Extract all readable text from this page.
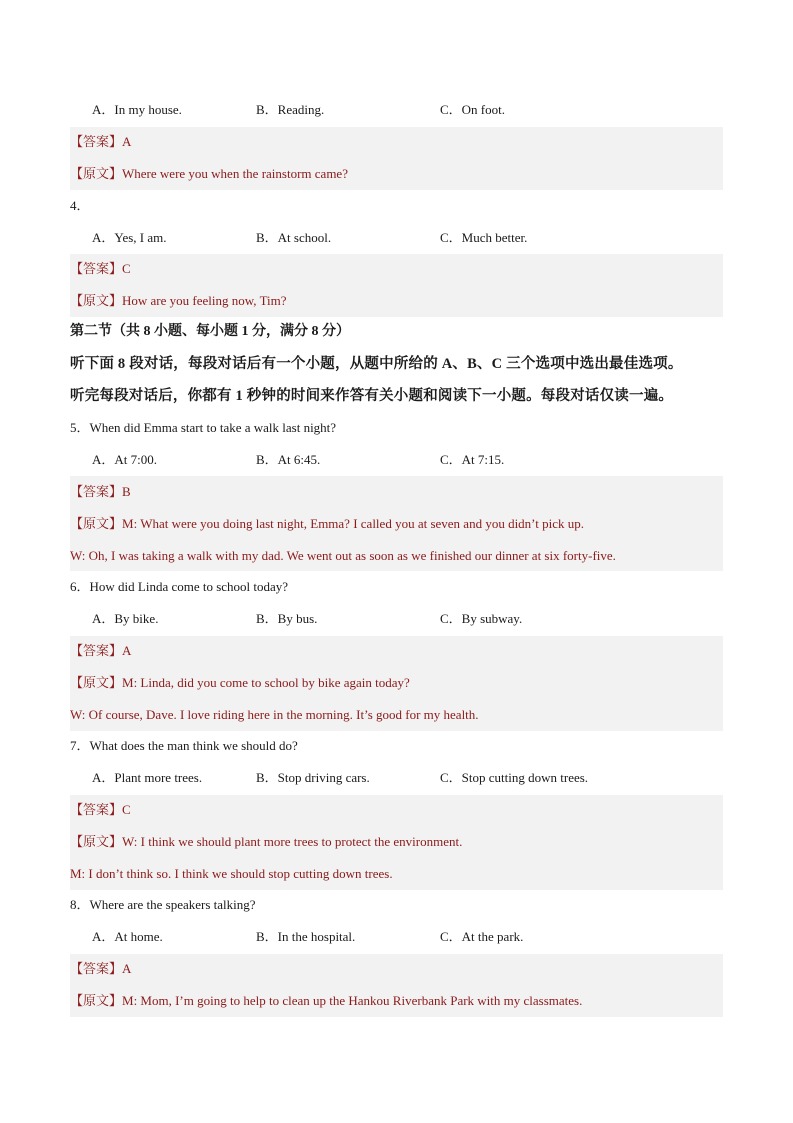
A．In my house.	B．Reading.	C．On foot.
【答案】A
【原文】Where were you when the rainstorm came?
4．
A．Yes, I am.	B．At school.	C．Much better.
【答案】C
【原文】How are you feeling now, Tim?
第二节（共 8 小题、每小题 1 分，满分 8 分）
听下面 8 段对话，每段对话后有一个小题，从题中所给的 A、B、C 三个选项中选出最佳选项。
听完每段对话后，你都有 1 秒钟的时间来作答有关小题和阅读下一小题。每段对话仅读一遍。
5．When did Emma start to take a walk last night?
A．At 7:00.	B．At 6:45.	C．At 7:15.
【答案】B
【原文】M: What were you doing last night, Emma? I called you at seven and you didn’t pick up.
W: Oh, I was taking a walk with my dad. We went out as soon as we finished our dinner at six forty-five.
6．How did Linda come to school today?
A．By bike.	B．By bus.	C．By subway.
【答案】A
【原文】M: Linda, did you come to school by bike again today?
W: Of course, Dave. I love riding here in the morning. It’s good for my health.
7．What does the man think we should do?
A．Plant more trees.	B．Stop driving cars.	C．Stop cutting down trees.
【答案】C
【原文】W: I think we should plant more trees to protect the environment.
M: I don’t think so. I think we should stop cutting down trees.
8．Where are the speakers talking?
A．At home.	B．In the hospital.	C．At the park.
【答案】A
【原文】M: Mom, I’m going to help to clean up the Hankou Riverbank Park with my classmates.
